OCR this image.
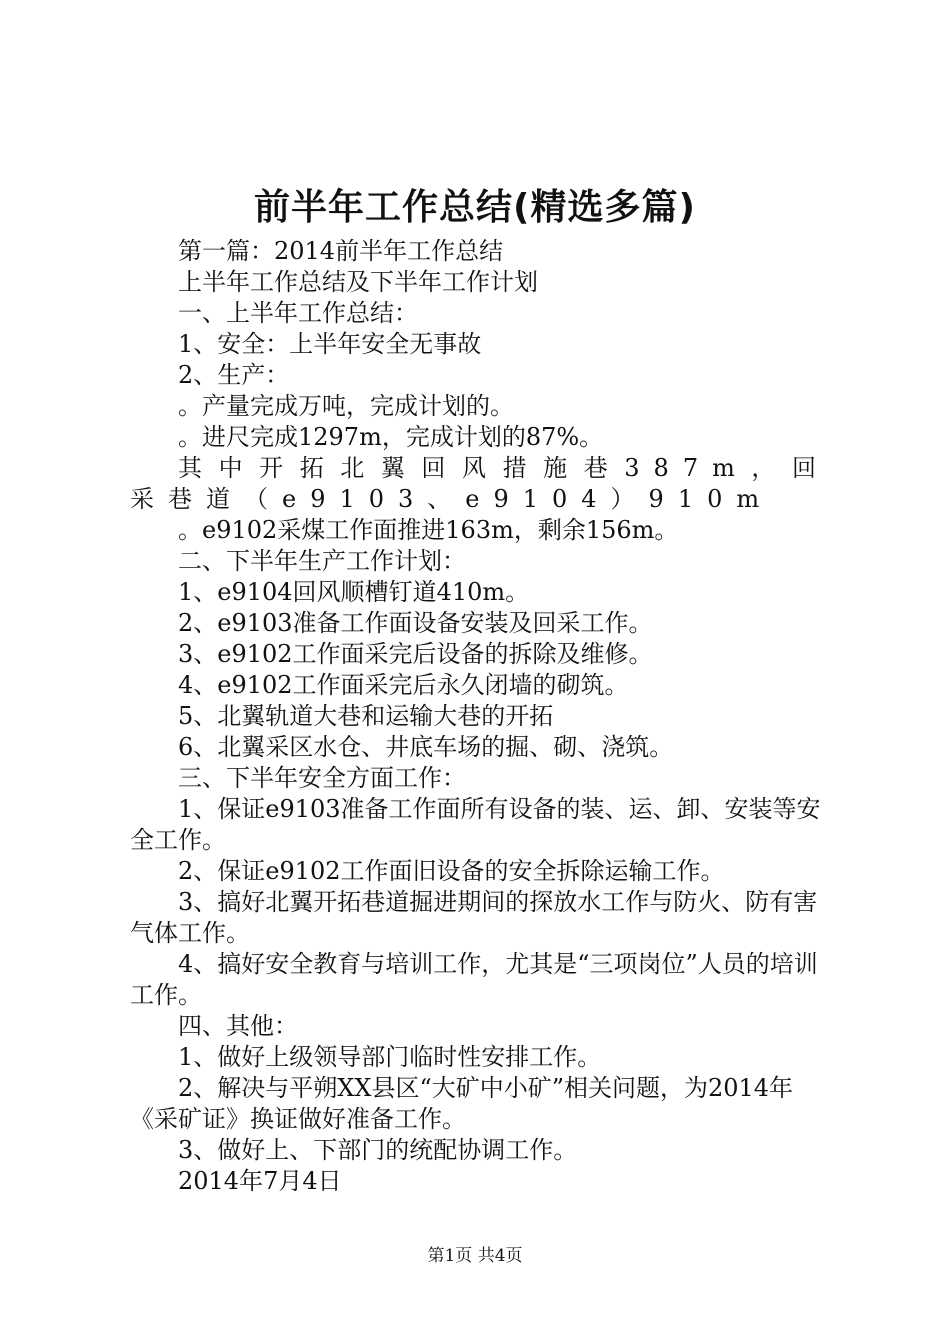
前半年工作总结(精选多篇)
第一篇：2014前半年工作总结
上半年工作总结及下半年工作计划
一、上半年工作总结：
1、安全：上半年安全无事故
2、生产：
。产量完成万吨，完成计划的。
。进尺完成1297m，完成计划的87%。
其中开拓北翼回风措施巷387m，回采巷道（e9103、e9104）910m
。e9102采煤工作面推进163m，剩余156m。
二、下半年生产工作计划：
1、e9104回风顺槽钉道410m。
2、e9103准备工作面设备安装及回采工作。
3、e9102工作面采完后设备的拆除及维修。
4、e9102工作面采完后永久闭墙的砌筑。
5、北翼轨道大巷和运输大巷的开拓
6、北翼采区水仓、井底车场的掘、砌、浇筑。
三、下半年安全方面工作：
1、保证e9103准备工作面所有设备的装、运、卸、安装等安全工作。
2、保证e9102工作面旧设备的安全拆除运输工作。
3、搞好北翼开拓巷道掘进期间的探放水工作与防火、防有害气体工作。
4、搞好安全教育与培训工作，尤其是“三项岗位”人员的培训工作。
四、其他：
1、做好上级领导部门临时性安排工作。
2、解决与平朔XX县区“大矿中小矿”相关问题，为2014年《采矿证》换证做好准备工作。
3、做好上、下部门的统配协调工作。
2014年7月4日
第1页 共4页
